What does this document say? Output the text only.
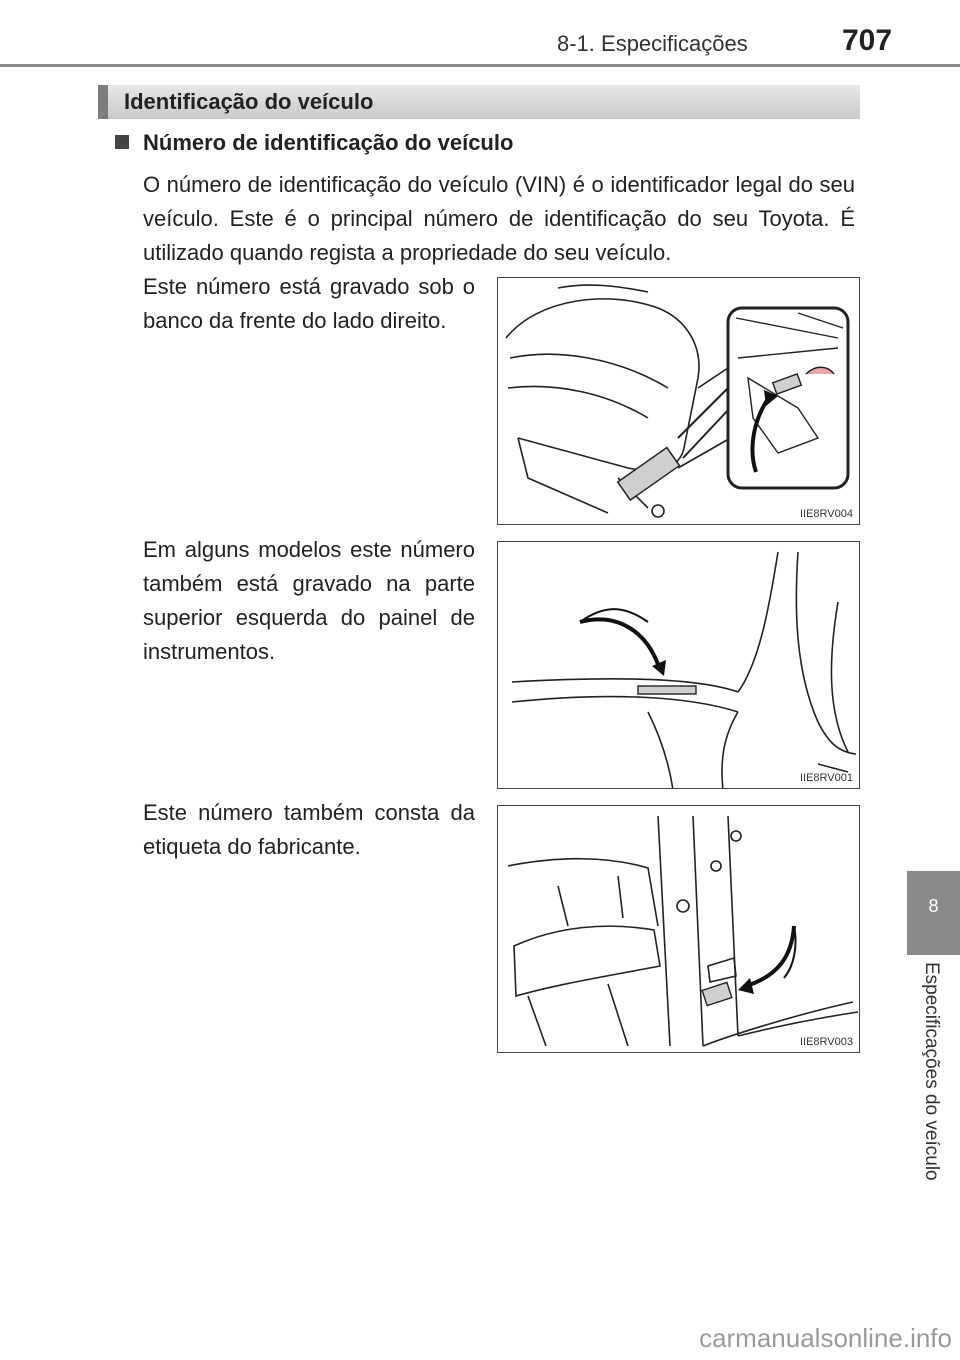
8-1. Especificações	707
8
Especificações do veículo
Identificação do veículo
Número de identificação do veículo
O número de identificação do veículo (VIN) é o identificador legal do seu veículo. Este é o principal número de identificação do seu Toyota. É utilizado quando regista a propriedade do seu veículo.
Este número está gravado sob o banco da frente do lado direito.
Em alguns modelos este número também está gravado na parte superior esquerda do painel de instrumentos.
Este número também consta da etiqueta do fabricante.
IIE8RV004
IIE8RV001
IIE8RV003
carmanualsonline.info
